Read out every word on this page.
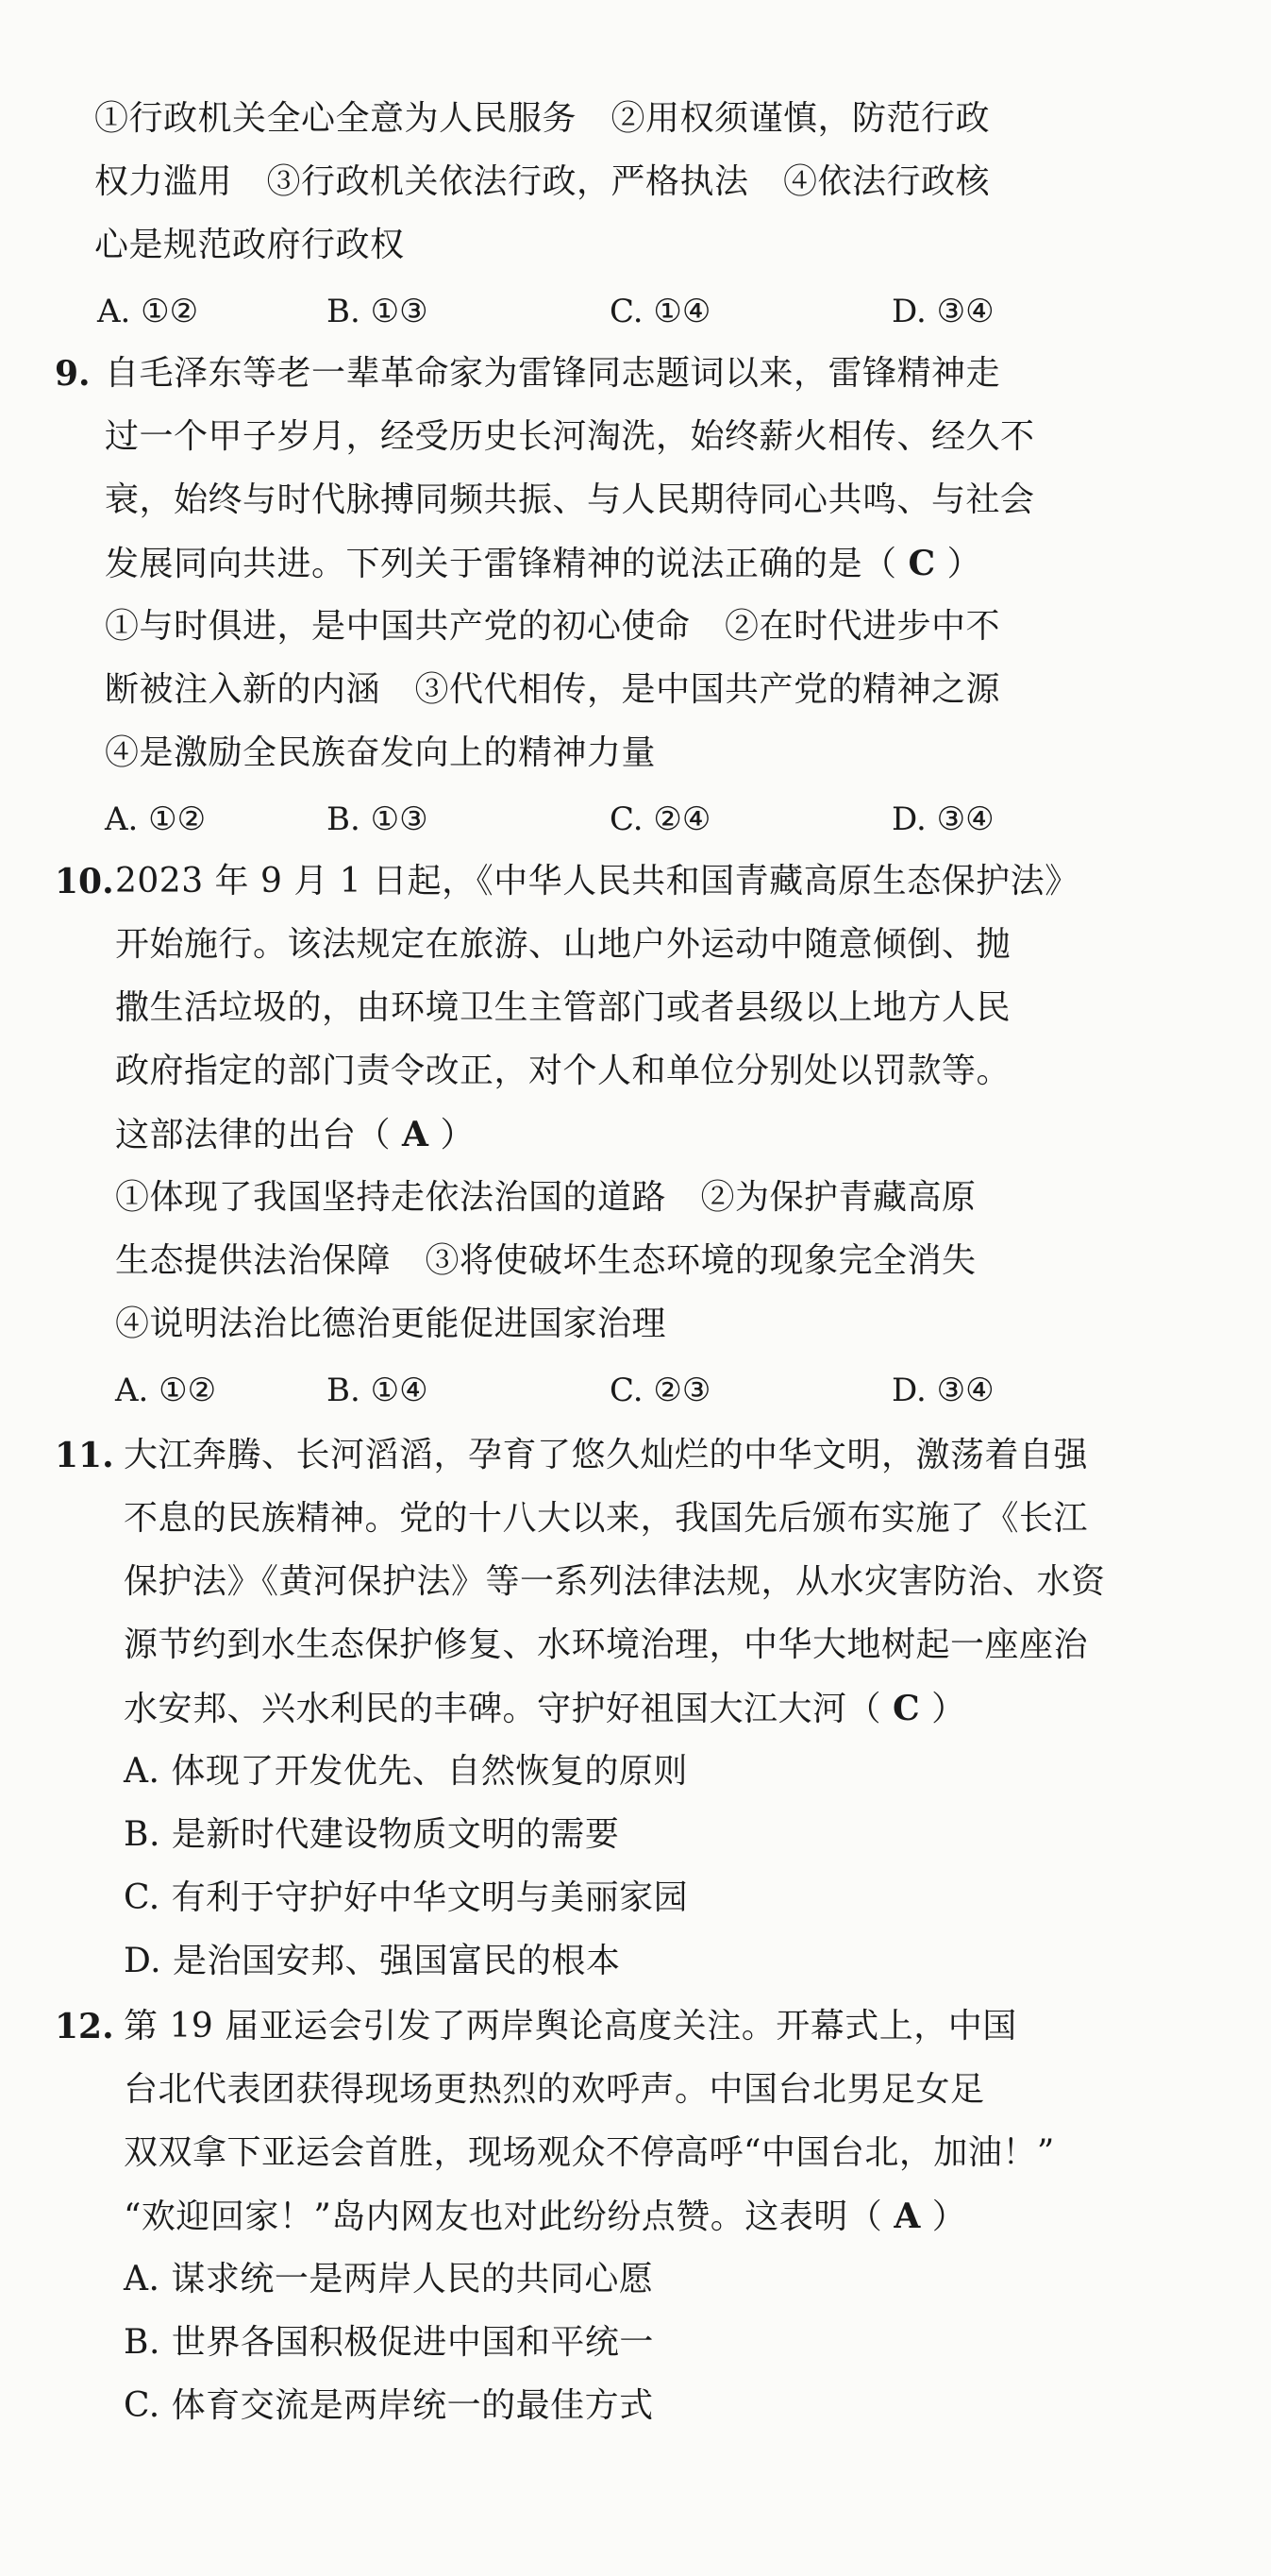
①行政机关全心全意为人民服务　②用权须谨慎，防范行政
权力滥用　③行政机关依法行政，严格执法　④依法行政核
心是规范政府行政权
A. ①②	B. ①③	C. ①④	D. ③④
9. 自毛泽东等老一辈革命家为雷锋同志题词以来，雷锋精神走
过一个甲子岁月，经受历史长河淘洗，始终薪火相传、经久不
衰，始终与时代脉搏同频共振、与人民期待同心共鸣、与社会
发展同向共进。下列关于雷锋精神的说法正确的是（ C ）
①与时俱进，是中国共产党的初心使命　②在时代进步中不
断被注入新的内涵　③代代相传，是中国共产党的精神之源
④是激励全民族奋发向上的精神力量
A. ①②	B. ①③	C. ②④	D. ③④
10. 2023 年 9 月 1 日起，《中华人民共和国青藏高原生态保护法》
开始施行。该法规定在旅游、山地户外运动中随意倾倒、抛
撒生活垃圾的，由环境卫生主管部门或者县级以上地方人民
政府指定的部门责令改正，对个人和单位分别处以罚款等。
这部法律的出台（ A ）
①体现了我国坚持走依法治国的道路　②为保护青藏高原
生态提供法治保障　③将使破坏生态环境的现象完全消失
④说明法治比德治更能促进国家治理
A. ①②	B. ①④	C. ②③	D. ③④
11. 大江奔腾、长河滔滔，孕育了悠久灿烂的中华文明，激荡着自强
不息的民族精神。党的十八大以来，我国先后颁布实施了《长江
保护法》《黄河保护法》等一系列法律法规，从水灾害防治、水资
源节约到水生态保护修复、水环境治理，中华大地树起一座座治
水安邦、兴水利民的丰碑。守护好祖国大江大河（ C ）
A. 体现了开发优先、自然恢复的原则
B. 是新时代建设物质文明的需要
C. 有利于守护好中华文明与美丽家园
D. 是治国安邦、强国富民的根本
12. 第 19 届亚运会引发了两岸舆论高度关注。开幕式上，中国
台北代表团获得现场更热烈的欢呼声。中国台北男足女足
双双拿下亚运会首胜，现场观众不停高呼“中国台北，加油！”
“欢迎回家！”岛内网友也对此纷纷点赞。这表明（ A ）
A. 谋求统一是两岸人民的共同心愿
B. 世界各国积极促进中国和平统一
C. 体育交流是两岸统一的最佳方式
